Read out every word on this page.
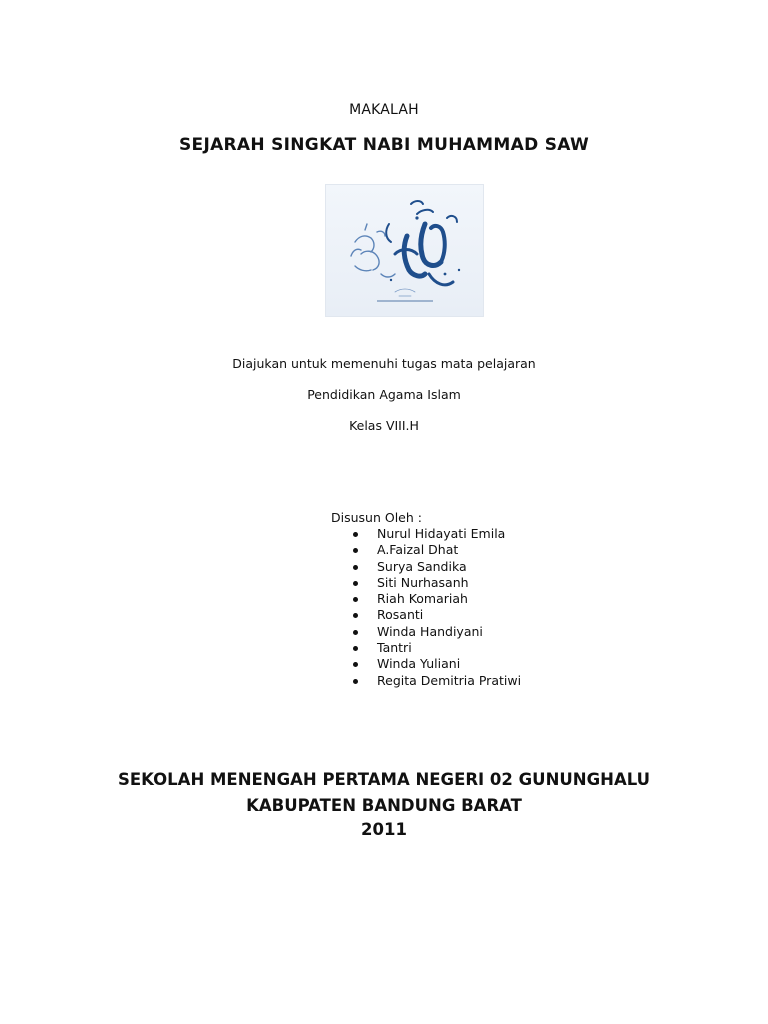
MAKALAH
SEJARAH SINGKAT NABI MUHAMMAD SAW
Diajukan untuk memenuhi tugas mata pelajaran
Pendidikan Agama Islam
Kelas VIII.H
Disusun Oleh :
Nurul Hidayati Emila
A.Faizal Dhat
Surya Sandika
Siti Nurhasanh
Riah Komariah
Rosanti
Winda Handiyani
Tantri
Winda Yuliani
Regita Demitria Pratiwi
SEKOLAH MENENGAH PERTAMA NEGERI 02 GUNUNGHALU
KABUPATEN BANDUNG BARAT
2011
